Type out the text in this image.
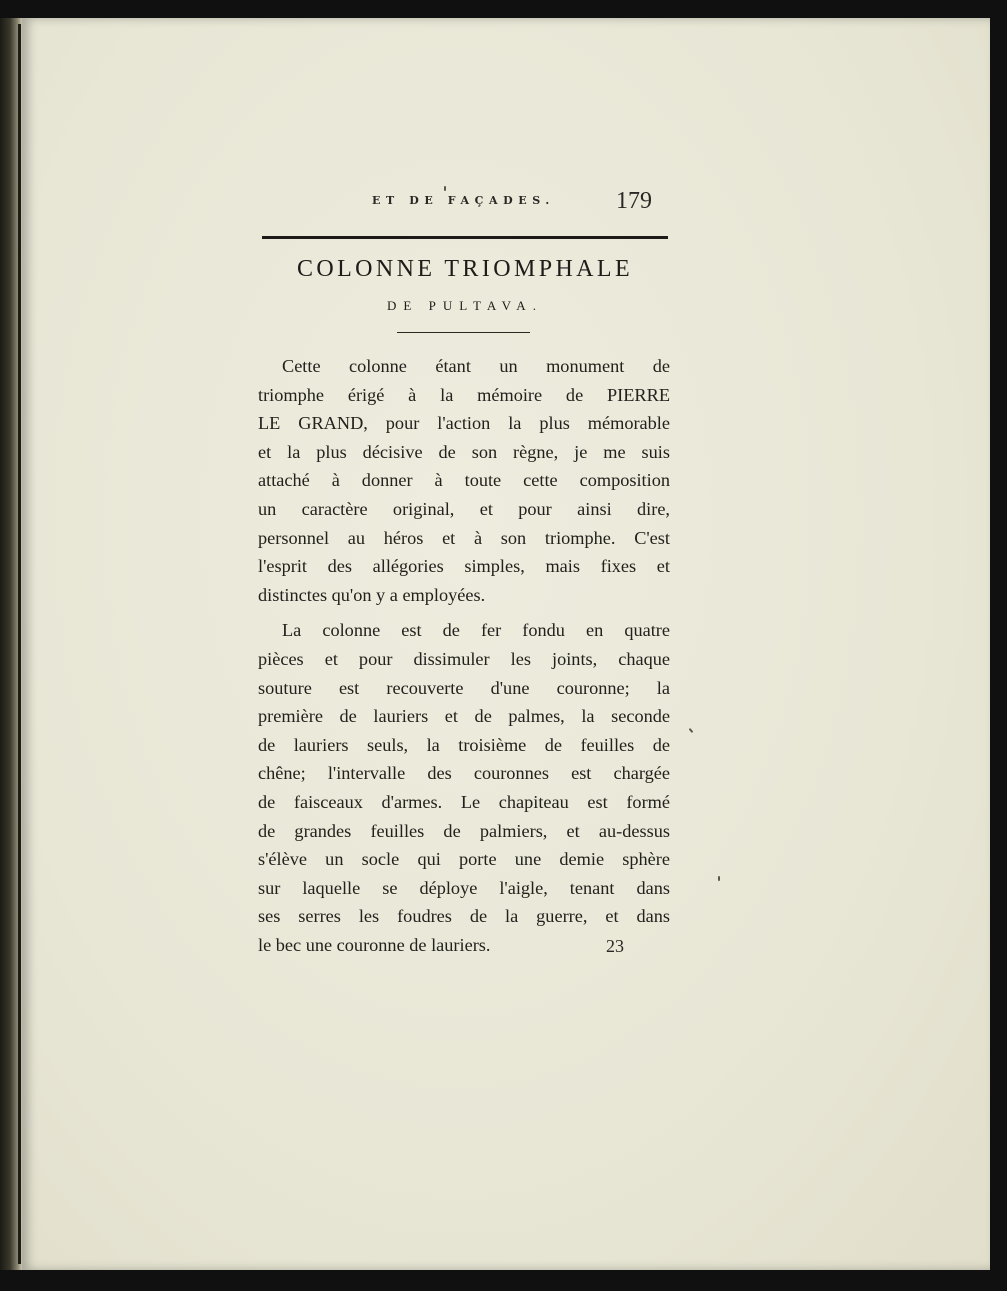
ET DE FAÇADES.	179
COLONNE TRIOMPHALE
DE PULTAVA.
Cette colonne étant un monument de
triomphe érigé à la mémoire de PIERRE
LE GRAND, pour l'action la plus mémorable
et la plus décisive de son règne, je me suis
attaché à donner à toute cette composition
un caractère original, et pour ainsi dire,
personnel au héros et à son triomphe. C'est
l'esprit des allégories simples, mais fixes et
distinctes qu'on y a employées.
La colonne est de fer fondu en quatre
pièces et pour dissimuler les joints, chaque
souture est recouverte d'une couronne; la
première de lauriers et de palmes, la seconde
de lauriers seuls, la troisième de feuilles de
chêne; l'intervalle des couronnes est chargée
de faisceaux d'armes. Le chapiteau est formé
de grandes feuilles de palmiers, et au-dessus
s'élève un socle qui porte une demie sphère
sur laquelle se déploye l'aigle, tenant dans
ses serres les foudres de la guerre, et dans
le bec une couronne de lauriers.	23
